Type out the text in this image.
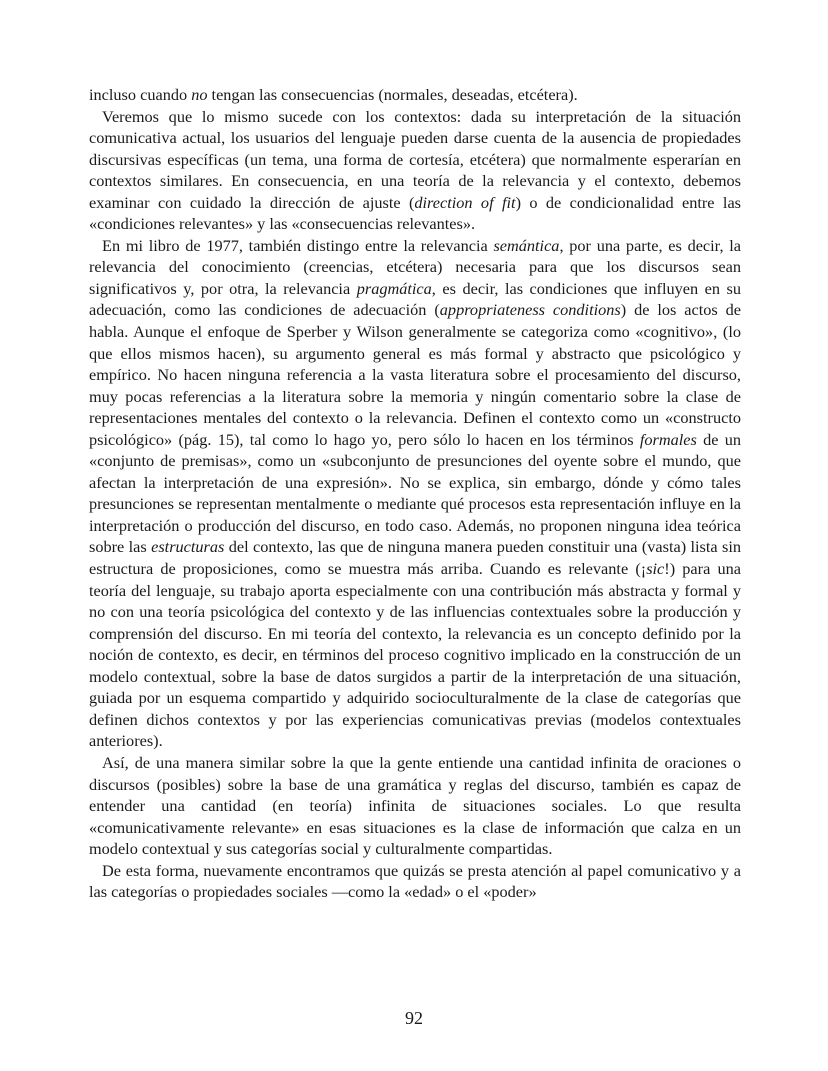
incluso cuando no tengan las consecuencias (normales, deseadas, etcétera).

Veremos que lo mismo sucede con los contextos: dada su interpretación de la situación comunicativa actual, los usuarios del lenguaje pueden darse cuenta de la ausencia de propiedades discursivas específicas (un tema, una forma de cortesía, etcétera) que normalmente esperarían en contextos similares. En consecuencia, en una teoría de la relevancia y el contexto, debemos examinar con cuidado la dirección de ajuste (direction of fit) o de condicionalidad entre las «condiciones relevantes» y las «consecuencias relevantes».

En mi libro de 1977, también distingo entre la relevancia semántica, por una parte, es decir, la relevancia del conocimiento (creencias, etcétera) necesaria para que los discursos sean significativos y, por otra, la relevancia pragmática, es decir, las condiciones que influyen en su adecuación, como las condiciones de adecuación (appropriateness conditions) de los actos de habla. Aunque el enfoque de Sperber y Wilson generalmente se categoriza como «cognitivo», (lo que ellos mismos hacen), su argumento general es más formal y abstracto que psicológico y empírico. No hacen ninguna referencia a la vasta literatura sobre el procesamiento del discurso, muy pocas referencias a la literatura sobre la memoria y ningún comentario sobre la clase de representaciones mentales del contexto o la relevancia. Definen el contexto como un «constructo psicológico» (pág. 15), tal como lo hago yo, pero sólo lo hacen en los términos formales de un «conjunto de premisas», como un «subconjunto de presunciones del oyente sobre el mundo, que afectan la interpretación de una expresión». No se explica, sin embargo, dónde y cómo tales presunciones se representan mentalmente o mediante qué procesos esta representación influye en la interpretación o producción del discurso, en todo caso. Además, no proponen ninguna idea teórica sobre las estructuras del contexto, las que de ninguna manera pueden constituir una (vasta) lista sin estructura de proposiciones, como se muestra más arriba. Cuando es relevante (¡sic!) para una teoría del lenguaje, su trabajo aporta especialmente con una contribución más abstracta y formal y no con una teoría psicológica del contexto y de las influencias contextuales sobre la producción y comprensión del discurso. En mi teoría del contexto, la relevancia es un concepto definido por la noción de contexto, es decir, en términos del proceso cognitivo implicado en la construcción de un modelo contextual, sobre la base de datos surgidos a partir de la interpretación de una situación, guiada por un esquema compartido y adquirido socioculturalmente de la clase de categorías que definen dichos contextos y por las experiencias comunicativas previas (modelos contextuales anteriores).

Así, de una manera similar sobre la que la gente entiende una cantidad infinita de oraciones o discursos (posibles) sobre la base de una gramática y reglas del discurso, también es capaz de entender una cantidad (en teoría) infinita de situaciones sociales. Lo que resulta «comunicativamente relevante» en esas situaciones es la clase de información que calza en un modelo contextual y sus categorías social y culturalmente compartidas.

De esta forma, nuevamente encontramos que quizás se presta atención al papel comunicativo y a las categorías o propiedades sociales —como la «edad» o el «poder»

92
